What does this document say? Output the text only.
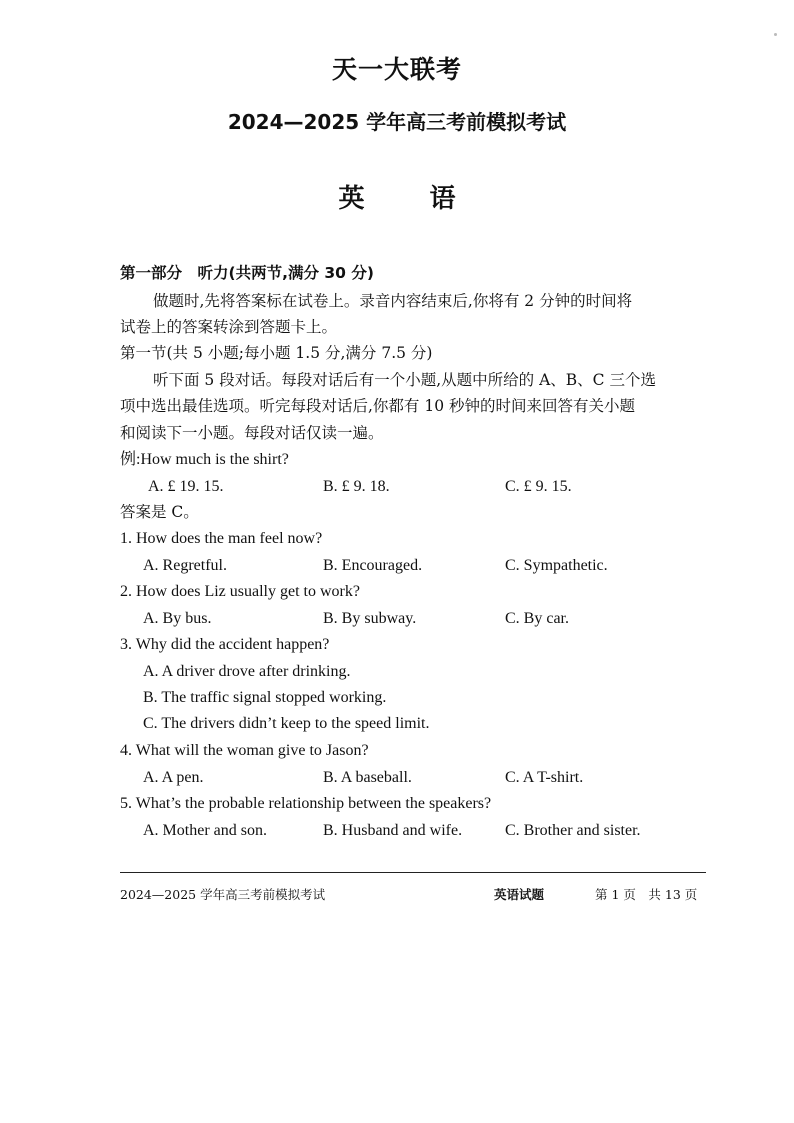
天一大联考
2024—2025 学年高三考前模拟考试
英 语
第一部分　听力(共两节,满分 30 分)
做题时,先将答案标在试卷上。录音内容结束后,你将有 2 分钟的时间将
试卷上的答案转涂到答题卡上。
第一节(共 5 小题;每小题 1.5 分,满分 7.5 分)
听下面 5 段对话。每段对话后有一个小题,从题中所给的 A、B、C 三个选
项中选出最佳选项。听完每段对话后,你都有 10 秒钟的时间来回答有关小题
和阅读下一小题。每段对话仅读一遍。
例:How much is the shirt?
A. £ 19. 15.	B. £ 9. 18.	C. £ 9. 15.
答案是 C。
1. How does the man feel now?
A. Regretful.	B. Encouraged.	C. Sympathetic.
2. How does Liz usually get to work?
A. By bus.	B. By subway.	C. By car.
3. Why did the accident happen?
A. A driver drove after drinking.
B. The traffic signal stopped working.
C. The drivers didn’t keep to the speed limit.
4. What will the woman give to Jason?
A. A pen.	B. A baseball.	C. A T-shirt.
5. What’s the probable relationship between the speakers?
A. Mother and son.	B. Husband and wife.	C. Brother and sister.
2024—2025 学年高三考前模拟考试	英语试题	第 1 页　共 13 页
